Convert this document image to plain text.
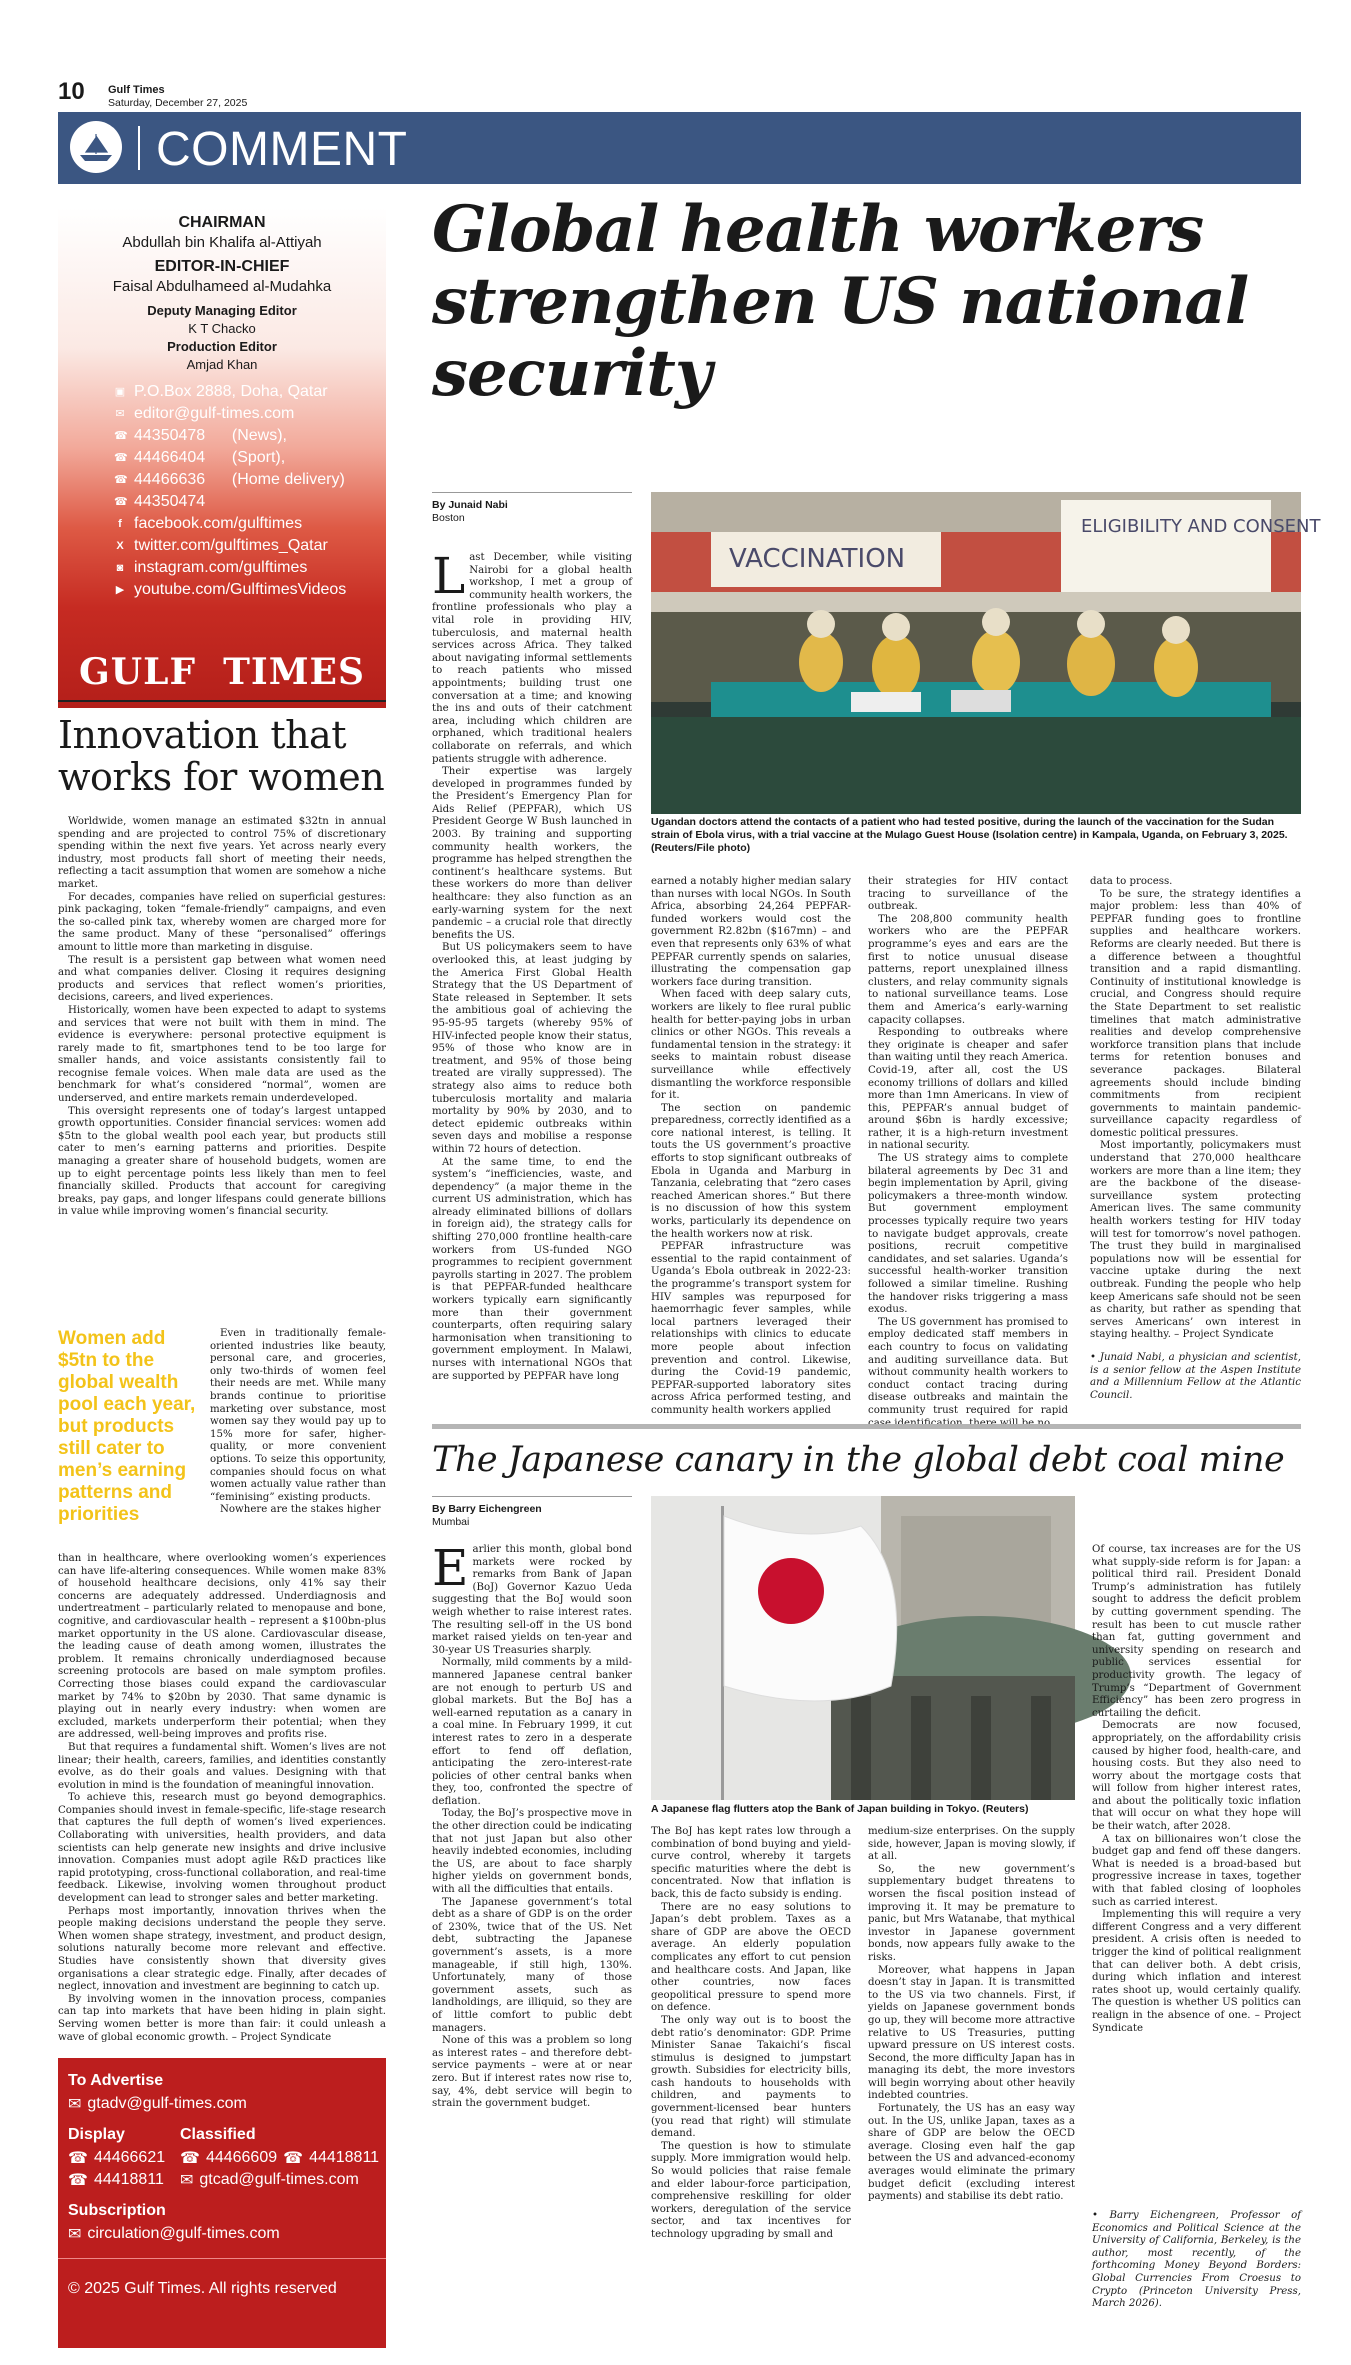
10 Gulf Times
Saturday, December 27, 2025
COMMENT
CHAIRMAN
Abdullah bin Khalifa al-Attiyah
EDITOR-IN-CHIEF
Faisal Abdulhameed al-Mudahka
Deputy Managing Editor
K T Chacko
Production Editor
Amjad Khan
▣ P.O.Box 2888, Doha, Qatar
✉ editor@gulf-times.com
☎ 44350478      (News),
☎ 44466404      (Sport),
☎ 44466636      (Home delivery)
☎ 44350474
f facebook.com/gulftimes
X twitter.com/gulftimes_Qatar
◙ instagram.com/gulftimes
▶ youtube.com/GulftimesVideos
GULF  TIMES
Innovation that works for women

Worldwide, women manage an estimated $32tn in annual spending and are projected to control 75% of discretionary spending within the next five years. Yet across nearly every industry, most products fall short of meeting their needs, reflecting a tacit assumption that women are somehow a niche market.

For decades, companies have relied on superficial gestures: pink packaging, token “female-friendly” campaigns, and even the so-called pink tax, whereby women are charged more for the same product. Many of these “personalised” offerings amount to little more than marketing in disguise.

The result is a persistent gap between what women need and what companies deliver. Closing it requires designing products and services that reflect women’s priorities, decisions, careers, and lived experiences.

Historically, women have been expected to adapt to systems and services that were not built with them in mind. The evidence is everywhere: personal protective equipment is rarely made to fit, smartphones tend to be too large for smaller hands, and voice assistants consistently fail to recognise female voices. When male data are used as the benchmark for what’s considered “normal”, women are underserved, and entire markets remain underdeveloped.

This oversight represents one of today’s largest untapped growth opportunities. Consider financial services: women add $5tn to the global wealth pool each year, but products still cater to men’s earning patterns and priorities. Despite managing a greater share of household budgets, women are up to eight percentage points less likely than men to feel financially skilled. Products that account for caregiving breaks, pay gaps, and longer lifespans could generate billions in value while improving women’s financial security.

Women add $5tn to the global wealth pool each year, but products still cater to men’s earning patterns and priorities

Even in traditionally female-oriented industries like beauty, personal care, and groceries, only two-thirds of women feel their needs are met. While many brands continue to prioritise marketing over substance, most women say they would pay up to 15% more for safer, higher-quality, or more convenient options. To seize this opportunity, companies should focus on what women actually value rather than “feminising” existing products.

Nowhere are the stakes higher

than in healthcare, where overlooking women’s experiences can have life-altering consequences. While women make 83% of household healthcare decisions, only 41% say their concerns are adequately addressed. Underdiagnosis and undertreatment – particularly related to menopause and bone, cognitive, and cardiovascular health – represent a $100bn-plus market opportunity in the US alone. Cardiovascular disease, the leading cause of death among women, illustrates the problem. It remains chronically underdiagnosed because screening protocols are based on male symptom profiles. Correcting those biases could expand the cardiovascular market by 74% to $20bn by 2030. That same dynamic is playing out in nearly every industry: when women are excluded, markets underperform their potential; when they are addressed, well-being improves and profits rise.

But that requires a fundamental shift. Women’s lives are not linear; their health, careers, families, and identities constantly evolve, as do their goals and values. Designing with that evolution in mind is the foundation of meaningful innovation.

To achieve this, research must go beyond demographics. Companies should invest in female-specific, life-stage research that captures the full depth of women’s lived experiences. Collaborating with universities, health providers, and data scientists can help generate new insights and drive inclusive innovation. Companies must adopt agile R&D practices like rapid prototyping, cross-functional collaboration, and real-time feedback. Likewise, involving women throughout product development can lead to stronger sales and better marketing.

Perhaps most importantly, innovation thrives when the people making decisions understand the people they serve. When women shape strategy, investment, and product design, solutions naturally become more relevant and effective. Studies have consistently shown that diversity gives organisations a clear strategic edge. Finally, after decades of neglect, innovation and investment are beginning to catch up.

By involving women in the innovation process, companies can tap into markets that have been hiding in plain sight. Serving women better is more than fair: it could unleash a wave of global economic growth. – Project Syndicate

To Advertise
✉ gtadv@gulf-times.com
Display
☎ 44466621
☎ 44418811
Classified
☎ 44466609 ☎ 44418811
✉ gtcad@gulf-times.com
Subscription
✉ circulation@gulf-times.com
© 2025 Gulf Times. All rights reserved
Global health workers strengthen US national security
By Junaid Nabi
Boston
VACCINATION
ELIGIBILITY AND CONSENT
Ugandan doctors attend the contacts of a patient who had tested positive, during the launch of the vaccination for the Sudan strain of Ebola virus, with a trial vaccine at the Mulago Guest House (Isolation centre) in Kampala, Uganda, on February 3, 2025. (Reuters/File photo)

Last December, while visiting Nairobi for a global health workshop, I met a group of community health workers, the frontline professionals who play a vital role in providing HIV, tuberculosis, and maternal health services across Africa. They talked about navigating informal settlements to reach patients who missed appointments; building trust one conversation at a time; and knowing the ins and outs of their catchment area, including which children are orphaned, which traditional healers collaborate on referrals, and which patients struggle with adherence.

Their expertise was largely developed in programmes funded by the President’s Emergency Plan for Aids Relief (PEPFAR), which US President George W Bush launched in 2003. By training and supporting community health workers, the programme has helped strengthen the continent’s healthcare systems. But these workers do more than deliver healthcare: they also function as an early-warning system for the next pandemic – a crucial role that directly benefits the US.

But US policymakers seem to have overlooked this, at least judging by the America First Global Health Strategy that the US Department of State released in September. It sets the ambitious goal of achieving the 95-95-95 targets (whereby 95% of HIV-infected people know their status, 95% of those who know are in treatment, and 95% of those being treated are virally suppressed). The strategy also aims to reduce both tuberculosis mortality and malaria mortality by 90% by 2030, and to detect epidemic outbreaks within seven days and mobilise a response within 72 hours of detection.

At the same time, to end the system’s “inefficiencies, waste, and dependency” (a major theme in the current US administration, which has already eliminated billions of dollars in foreign aid), the strategy calls for shifting 270,000 frontline health-care workers from US-funded NGO programmes to recipient government payrolls starting in 2027. The problem is that PEPFAR-funded healthcare workers typically earn significantly more than their government counterparts, often requiring salary harmonisation when transitioning to government employment. In Malawi, nurses with international NGOs that are supported by PEPFAR have long

earned a notably higher median salary than nurses with local NGOs. In South Africa, absorbing 24,264 PEPFAR-funded workers would cost the government R2.82bn ($167mn) – and even that represents only 63% of what PEPFAR currently spends on salaries, illustrating the compensation gap workers face during transition.

When faced with deep salary cuts, workers are likely to flee rural public health for better-paying jobs in urban clinics or other NGOs. This reveals a fundamental tension in the strategy: it seeks to maintain robust disease surveillance while effectively dismantling the workforce responsible for it.

The section on pandemic preparedness, correctly identified as a core national interest, is telling. It touts the US government’s proactive efforts to stop significant outbreaks of Ebola in Uganda and Marburg in Tanzania, celebrating that “zero cases reached American shores.” But there is no discussion of how this system works, particularly its dependence on the health workers now at risk.

PEPFAR infrastructure was essential to the rapid containment of Uganda’s Ebola outbreak in 2022-23: the programme’s transport system for HIV samples was repurposed for haemorrhagic fever samples, while local partners leveraged their relationships with clinics to educate more people about infection prevention and control. Likewise, during the Covid-19 pandemic, PEPFAR-supported laboratory sites across Africa performed testing, and community health workers applied

their strategies for HIV contact tracing to surveillance of the outbreak.

The 208,800 community health workers who are the PEPFAR programme’s eyes and ears are the first to notice unusual disease patterns, report unexplained illness clusters, and relay community signals to national surveillance teams. Lose them and America’s early-warning capacity collapses.

Responding to outbreaks where they originate is cheaper and safer than waiting until they reach America. Covid-19, after all, cost the US economy trillions of dollars and killed more than 1mn Americans. In view of this, PEPFAR’s annual budget of around $6bn is hardly excessive; rather, it is a high-return investment in national security.

The US strategy aims to complete bilateral agreements by Dec 31 and begin implementation by April, giving policymakers a three-month window. But government employment processes typically require two years to navigate budget approvals, create positions, recruit competitive candidates, and set salaries. Uganda’s successful health-worker transition followed a similar timeline. Rushing the handover risks triggering a mass exodus.

The US government has promised to employ dedicated staff members in each country to focus on validating and auditing surveillance data. But without community health workers to conduct contact tracing during disease outbreaks and maintain the community trust required for rapid

data to process.

To be sure, the strategy identifies a major problem: less than 40% of PEPFAR funding goes to frontline supplies and healthcare workers. Reforms are clearly needed. But there is a difference between a thoughtful transition and a rapid dismantling. Continuity of institutional knowledge is crucial, and Congress should require the State Department to set realistic timelines that match administrative realities and develop comprehensive workforce transition plans that include terms for retention bonuses and severance packages. Bilateral agreements should include binding commitments from recipient governments to maintain pandemic-surveillance capacity regardless of domestic political pressures.

Most importantly, policymakers must understand that 270,000 healthcare workers are more than a line item; they are the backbone of the disease-surveillance system protecting American lives. The same community health workers testing for HIV today will test for tomorrow’s novel pathogen. The trust they build in marginalised populations now will be essential for vaccine uptake during the next outbreak. Funding the people who help keep Americans safe should not be seen as charity, but rather as spending that serves Americans’ own interest in staying healthy. – Project Syndicate

• Junaid Nabi, a physician and scientist, is a senior fellow at the Aspen Institute and a Millennium Fellow at the Atlantic Council.

The Japanese canary in the global debt coal mine
By Barry Eichengreen
Mumbai
A Japanese flag flutters atop the Bank of Japan building in Tokyo. (Reuters)

Earlier this month, global bond markets were rocked by remarks from Bank of Japan (BoJ) Governor Kazuo Ueda suggesting that the BoJ would soon weigh whether to raise interest rates. The resulting sell-off in the US bond market raised yields on ten-year and 30-year US Treasuries sharply.

Normally, mild comments by a mild-mannered Japanese central banker are not enough to perturb US and global markets. But the BoJ has a well-earned reputation as a canary in a coal mine. In February 1999, it cut interest rates to zero in a desperate effort to fend off deflation, anticipating the zero-interest-rate policies of other central banks when they, too, confronted the spectre of deflation.

Today, the BoJ’s prospective move in the other direction could be indicating that not just Japan but also other heavily indebted economies, including the US, are about to face sharply higher yields on government bonds, with all the difficulties that entails.

The Japanese government’s total debt as a share of GDP is on the order of 230%, twice that of the US. Net debt, subtracting the Japanese government’s assets, is a more manageable, if still high, 130%. Unfortunately, many of those government assets, such as landholdings, are illiquid, so they are of little comfort to public debt managers.

None of this was a problem so long as interest rates – and therefore debt-service payments – were at or near zero. But if interest rates now rise to, say, 4%, debt service will begin to strain the government budget.

The BoJ has kept rates low through a combination of bond buying and yield-curve control, whereby it targets specific maturities where the debt is concentrated. Now that inflation is back, this de facto subsidy is ending.

There are no easy solutions to Japan’s debt problem. Taxes as a share of GDP are above the OECD average. An elderly population complicates any effort to cut pension and healthcare costs. And Japan, like other countries, now faces geopolitical pressure to spend more on defence.

The only way out is to boost the debt ratio’s denominator: GDP. Prime Minister Sanae Takaichi’s fiscal stimulus is designed to jumpstart growth. Subsidies for electricity bills, cash handouts to households with children, and payments to government-licensed bear hunters (you read that right) will stimulate demand.

The question is how to stimulate supply. More immigration would help. So would policies that raise female and elder labour-force participation, comprehensive reskilling for older workers, deregulation of the service sector, and tax incentives for technology upgrading by small and

medium-size enterprises. On the supply side, however, Japan is moving slowly, if at all.

So, the new government’s supplementary budget threatens to worsen the fiscal position instead of improving it. It may be premature to panic, but Mrs Watanabe, that mythical investor in Japanese government bonds, now appears fully awake to the risks.

Moreover, what happens in Japan doesn’t stay in Japan. It is transmitted to the US via two channels. First, if yields on Japanese government bonds go up, they will become more attractive relative to US Treasuries, putting upward pressure on US interest costs. Second, the more difficulty Japan has in managing its debt, the more investors will begin worrying about other heavily indebted countries.

Fortunately, the US has an easy way out. In the US, unlike Japan, taxes as a share of GDP are below the OECD average. Closing even half the gap between the US and advanced-economy averages would eliminate the primary budget deficit (excluding interest payments) and stabilise its debt ratio.

Of course, tax increases are for the US what supply-side reform is for Japan: a political third rail. President Donald Trump’s administration has futilely sought to address the deficit problem by cutting government spending. The result has been to cut muscle rather than fat, gutting government and university spending on research and public services essential for productivity growth. The legacy of Trump’s “Department of Government Efficiency” has been zero progress in curtailing the deficit.

Democrats are now focused, appropriately, on the affordability crisis caused by higher food, health-care, and housing costs. But they also need to worry about the mortgage costs that will follow from higher interest rates, and about the politically toxic inflation that will occur on what they hope will be their watch, after 2028.

A tax on billionaires won’t close the budget gap and fend off these dangers. What is needed is a broad-based but progressive increase in taxes, together with that fabled closing of loopholes such as carried interest.

Implementing this will require a very different Congress and a very different president. A crisis often is needed to trigger the kind of political realignment that can deliver both. A debt crisis, during which inflation and interest rates shoot up, would certainly qualify. The question is whether US politics can realign in the absence of one. – Project Syndicate

• Barry Eichengreen, Professor of Economics and Political Science at the University of California, Berkeley, is the author, most recently, of the forthcoming Money Beyond Borders: Global Currencies From Croesus to Crypto (Princeton University Press, March 2026).
